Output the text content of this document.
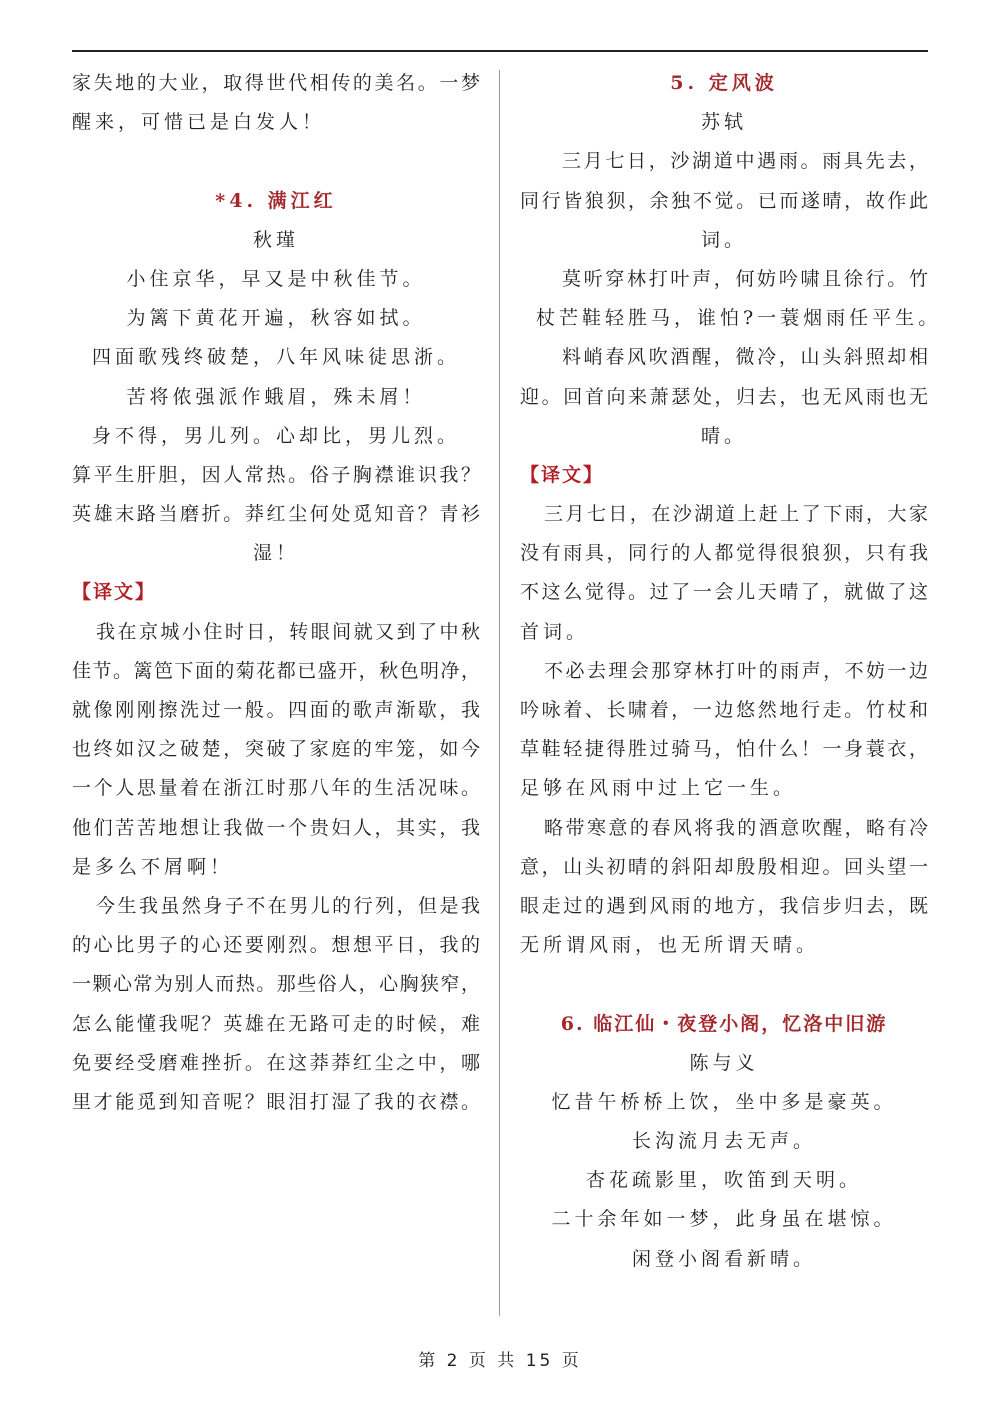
家失地的大业，取得世代相传的美名。一梦
醒来，可惜已是白发人！
*4. 满江红
秋瑾
小住京华，早又是中秋佳节。
为篱下黄花开遍，秋容如拭。
四面歌残终破楚，八年风味徒思浙。
苦将侬强派作蛾眉，殊未屑！
身不得，男儿列。心却比，男儿烈。
算平生肝胆，因人常热。俗子胸襟谁识我？
英雄末路当磨折。莽红尘何处觅知音？青衫
湿！
【译文】
我在京城小住时日，转眼间就又到了中秋
佳节。篱笆下面的菊花都已盛开，秋色明净，
就像刚刚擦洗过一般。四面的歌声渐歇，我
也终如汉之破楚，突破了家庭的牢笼，如今
一个人思量着在浙江时那八年的生活况味。
他们苦苦地想让我做一个贵妇人，其实，我
是多么不屑啊！
今生我虽然身子不在男儿的行列，但是我
的心比男子的心还要刚烈。想想平日，我的
一颗心常为别人而热。那些俗人，心胸狭窄，
怎么能懂我呢？英雄在无路可走的时候，难
免要经受磨难挫折。在这莽莽红尘之中，哪
里才能觅到知音呢？眼泪打湿了我的衣襟。
5. 定风波
苏轼
三月七日，沙湖道中遇雨。雨具先去，
同行皆狼狈，余独不觉。已而遂晴，故作此
词。
莫听穿林打叶声，何妨吟啸且徐行。竹
杖芒鞋轻胜马，谁怕?一蓑烟雨任平生。
料峭春风吹酒醒，微冷，山头斜照却相
迎。回首向来萧瑟处，归去，也无风雨也无
晴。
【译文】
三月七日，在沙湖道上赶上了下雨，大家
没有雨具，同行的人都觉得很狼狈，只有我
不这么觉得。过了一会儿天晴了，就做了这
首词。
不必去理会那穿林打叶的雨声，不妨一边
吟咏着、长啸着，一边悠然地行走。竹杖和
草鞋轻捷得胜过骑马，怕什么！一身蓑衣，
足够在风雨中过上它一生。
略带寒意的春风将我的酒意吹醒，略有冷
意，山头初晴的斜阳却殷殷相迎。回头望一
眼走过的遇到风雨的地方，我信步归去，既
无所谓风雨，也无所谓天晴。
6. 临江仙・夜登小阁，忆洛中旧游
陈与义
忆昔午桥桥上饮，坐中多是豪英。
长沟流月去无声。
杏花疏影里，吹笛到天明。
二十余年如一梦，此身虽在堪惊。
闲登小阁看新晴。
第 2 页 共 15 页
